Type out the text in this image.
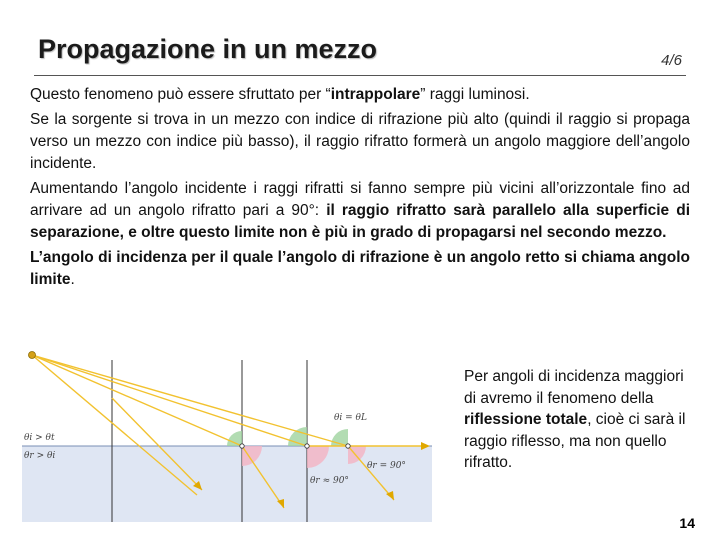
Propagazione in un mezzo	4/6

Questo fenomeno può essere sfruttato per “intrappolare” raggi luminosi.

Se la sorgente si trova in un mezzo con indice di rifrazione più alto (quindi il raggio si propaga verso un mezzo con indice più basso), il raggio rifratto formerà un angolo maggiore dell’angolo incidente.

Aumentando l’angolo incidente i raggi rifratti si fanno sempre più vicini all’orizzontale fino ad arrivare ad un angolo rifratto pari a 90°: il raggio rifratto sarà parallelo alla superficie di separazione, e oltre questo limite non è più in grado di propagarsi nel secondo mezzo.

L’angolo di incidenza per il quale l’angolo di rifrazione è un angolo retto si chiama angolo limite.

θi > θt
θr > θi
θi = θL
θr = 90°
θr ≈ 90°
Per angoli di incidenza maggiori di avremo il fenomeno della riflessione totale, cioè ci sarà il raggio riflesso, ma non quello rifratto.
14
